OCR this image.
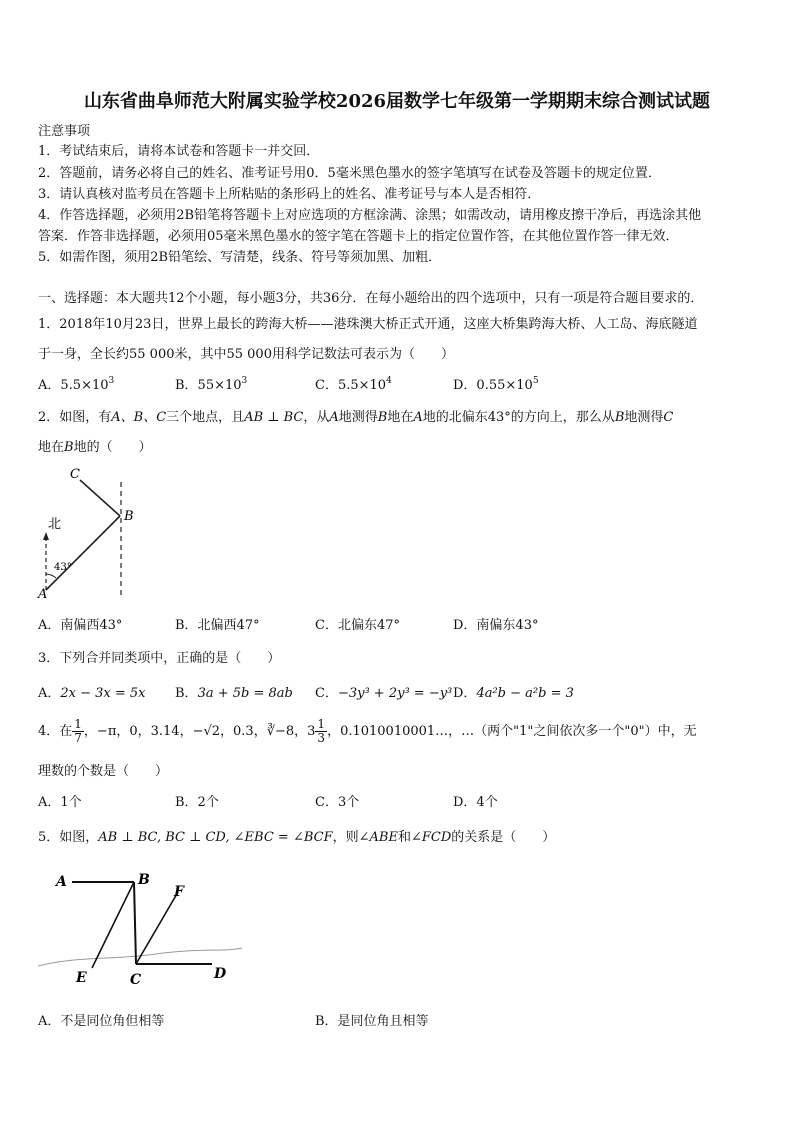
山东省曲阜师范大附属实验学校2026届数学七年级第一学期期末综合测试试题
注意事项
1．考试结束后，请将本试卷和答题卡一并交回．
2．答题前，请务必将自己的姓名、准考证号用0．5毫米黑色墨水的签字笔填写在试卷及答题卡的规定位置．
3．请认真核对监考员在答题卡上所粘贴的条形码上的姓名、准考证号与本人是否相符．
4．作答选择题，必须用2B铅笔将答题卡上对应选项的方框涂满、涂黑；如需改动，请用橡皮擦干净后，再选涂其他
答案．作答非选择题，必须用05毫米黑色墨水的签字笔在答题卡上的指定位置作答，在其他位置作答一律无效．
5．如需作图，须用2B铅笔绘、写清楚，线条、符号等须加黑、加粗．
一、选择题：本大题共12个小题，每小题3分，共36分．在每小题给出的四个选项中，只有一项是符合题目要求的．
1．2018年10月23日，世界上最长的跨海大桥——港珠澳大桥正式开通，这座大桥集跨海大桥、人工岛、海底隧道
于一身，全长约55 000米，其中55 000用科学记数法可表示为（　　）
A．$5.5\times 10^3$	B．$55\times 10^3$	C．$5.5\times 10^4$	D．$0.55\times 10^5$
2．如图，有A、B、C三个地点，且AB ⊥ BC，从A地测得B地在A地的北偏东43°的方向上，那么从B地测得C
地在B地的（　　）
C
B
A
北
43°
A．南偏西43°	B．北偏西47°	C．北偏东47°	D．南偏东43°
3．下列合并同类项中，正确的是（　　）
A．2x − 3x = 5x B．3a + 5b = 8ab C．−3y³ + 2y³ = −y³ D．4a²b − a²b = 3
4．在 $\frac{1}{7}$ ，−π，0，3.14，−√2，0.3，∛−8，$3 \frac{1}{3}$ ，0.1010010001…，…（两个"1"之间依次多一个"0"）中，无
理数的个数是（　　）
A．1个	B．2个	C．3个	D．4个
5．如图，AB ⊥ BC, BC ⊥ CD, ∠EBC = ∠BCF，则∠ABE和∠FCD的关系是（　　）
A	B
F
E	C	D
A．不是同位角但相等	B．是同位角且相等
